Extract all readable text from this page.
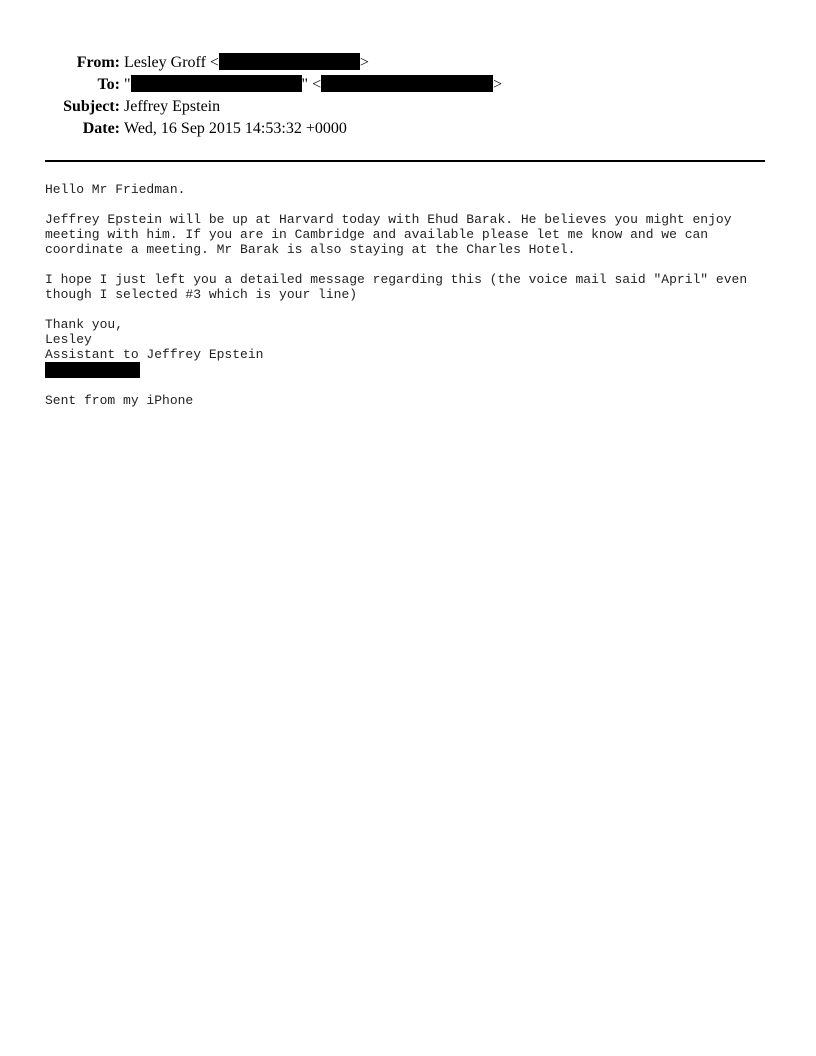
From: Lesley Groff <	>
To: "	" <	>
Subject: Jeffrey Epstein
Date: Wed, 16 Sep 2015 14:53:32 +0000

Hello Mr Friedman.

Jeffrey Epstein will be up at Harvard today with Ehud Barak. He believes you might enjoy

meeting with him. If you are in Cambridge and available please let me know and we can

coordinate a meeting. Mr Barak is also staying at the Charles Hotel.

I hope I just left you a detailed message regarding this (the voice mail said "April" even

though I selected #3 which is your line)

Thank you,

Lesley

Assistant to Jeffrey Epstein

Sent from my iPhone
